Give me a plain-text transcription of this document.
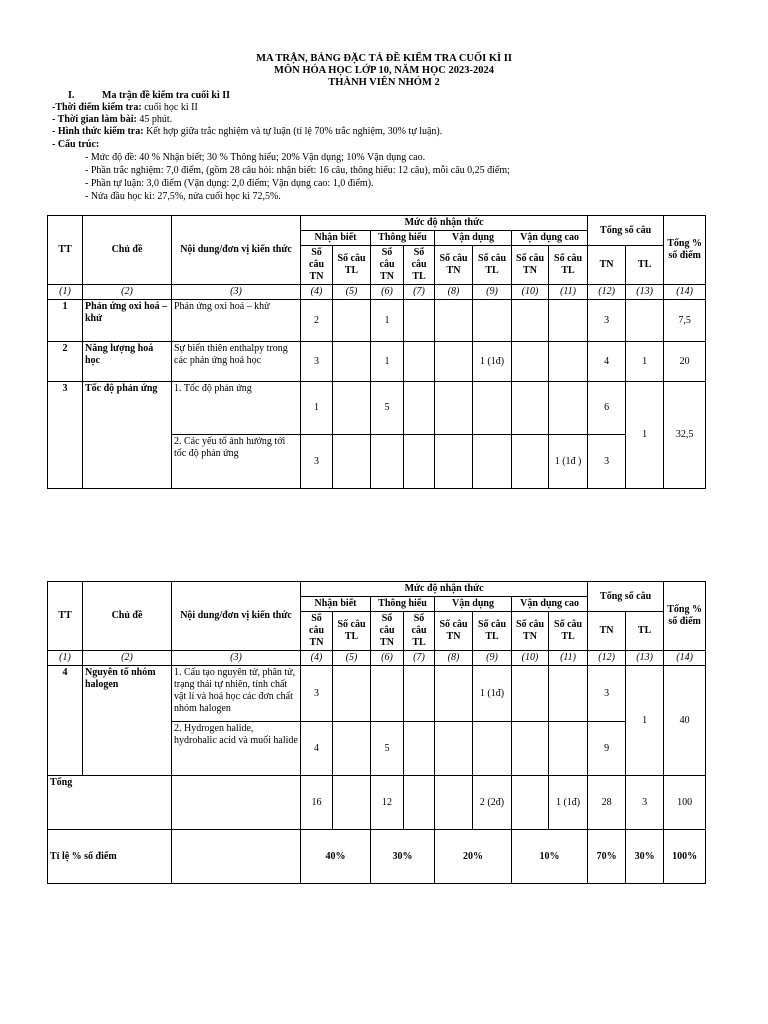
MA TRẬN, BẢNG ĐẶC TẢ ĐỀ KIỂM TRA CUỐI KÌ II
MÔN HÓA HỌC LỚP 10, NĂM HỌC 2023-2024
THÀNH VIÊN NHÓM 2
I.	Ma trận đề kiểm tra cuối kì II
-Thời điểm kiểm tra: cuối học kì II
- Thời gian làm bài: 45 phút.
- Hình thức kiểm tra: Kết hợp giữa trắc nghiệm và tự luận (tỉ lệ 70% trắc nghiệm, 30% tự luận).
- Cấu trúc:
- Mức độ đề: 40 % Nhận biết; 30 % Thông hiểu; 20% Vận dụng; 10% Vận dụng cao.
- Phần trắc nghiệm: 7,0 điểm, (gồm 28 câu hỏi: nhận biết: 16 câu, thông hiểu: 12 câu), mỗi câu 0,25 điểm;
- Phần tự luận: 3,0 điểm (Vận dụng: 2,0 điểm; Vận dụng cao: 1,0 điểm).
- Nửa đầu học kì: 27,5%, nửa cuối học kì 72,5%.
TT	Chủ đề	Nội dung/đơn vị kiến thức	Mức độ nhận thức								Tổng số câu		Tổng % số điểm
			Nhận biết		Thông hiểu		Vận dụng		Vận dụng cao				
			Số câu TN	Số câu TL	Số câu TN	Số câu TL	Số câu TN	Số câu TL	Số câu TN	Số câu TL	TN	TL	
(1)	(2)	(3)	(4)	(5)	(6)	(7)	(8)	(9)	(10)	(11)	(12)	(13)	(14)
1	Phản ứng oxi hoá – khử	Phản ứng oxi hoá – khử	2		1						3		7,5
2	Năng lượng hoá học	Sự biến thiên enthalpy trong các phản ứng hoá học	3		1			1 (1đ)			4	1	20
3	Tốc độ phản ứng	1. Tốc độ phản ứng	1		5						6	1	32,5
		2. Các yếu tố ảnh hưởng tới tốc độ phản ứng	3							1 (1đ )	3		
TT	Chủ đề	Nội dung/đơn vị kiến thức	Mức độ nhận thức								Tổng số câu		Tổng % số điểm
			Nhận biết		Thông hiểu		Vận dụng		Vận dụng cao				
			Số câu TN	Số câu TL	Số câu TN	Số câu TL	Số câu TN	Số câu TL	Số câu TN	Số câu TL	TN	TL	
(1)	(2)	(3)	(4)	(5)	(6)	(7)	(8)	(9)	(10)	(11)	(12)	(13)	(14)
4	Nguyên tố nhóm halogen	1. Cấu tạo nguyên tử, phân tử, trạng thái tự nhiên, tính chất vật lí và hoá học các đơn chất nhóm halogen	3					1 (1đ)			3	1	40
		2. Hydrogen halide, hydrohalic acid và muối halide	4		5						9		
Tổng			16		12			2 (2đ)		1 (1đ)	28	3	100
Tỉ lệ % số điểm			40%		30%		20%		10%		70%	30%	100%
